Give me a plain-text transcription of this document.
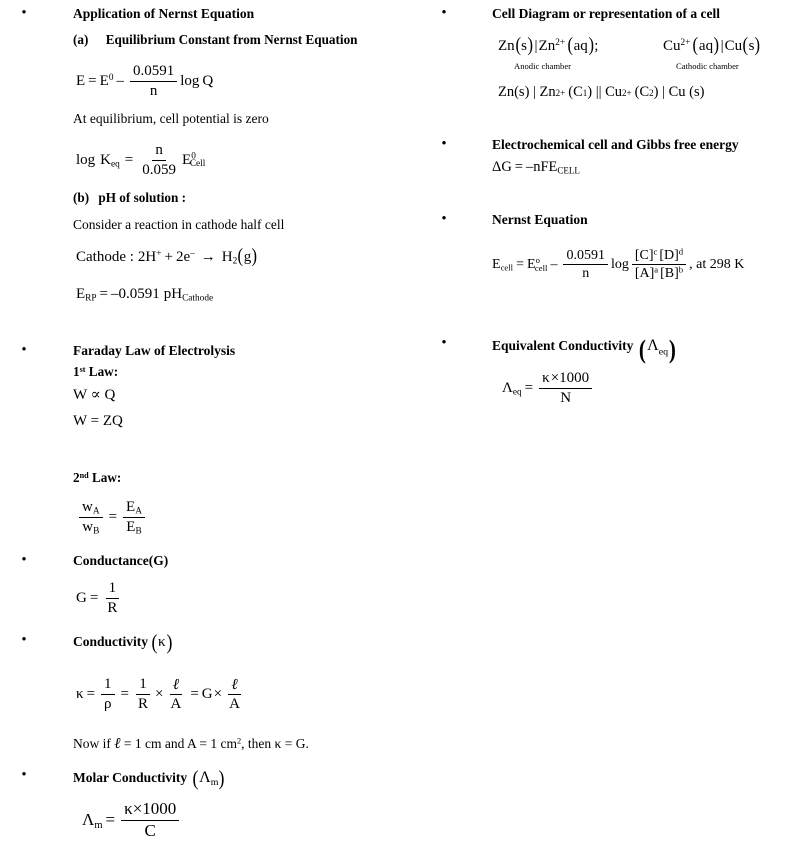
•	Application of Nernst Equation
(a) Equilibrium Constant from Nernst Equation
$E = E^0 - \frac{0.0591}{n}$ log Q
At equilibrium, cell potential is zero
$\log K_{eq} = \frac{n}{0.059} E^0_{Cell}$
(b) pH of solution :
Consider a reaction in cathode half cell
Cathode : 2 H+ + 2 $e^- \to H_2$ ( g )
$E_{RP} = -0.0591$ $pH_{Cathode}$
•	Faraday Law of Electrolysis
1st Law:
W ∝ Q
W = ZQ
2nd Law:
$\frac{w_A}{w_B} = \frac{E_A}{E_B}$
•	Conductance(G)
$G = \frac{1}{R}$
•	Conductivity (κ)
$\kappa = \frac{1}{\rho} = \frac{1}{R} \times \frac{\text{ℓ}}{A} = G \times \frac{\text{ℓ}}{A}$
Now if ℓ = 1 cm and A = 1 $cm^2$, then κ = G.
•	Molar Conductivity $(\Lambda_m)$
$\Lambda_m = \frac{\kappa\times 1000}{C}$
•	Cell Diagram or representation of a cell
Zn ( s ) | $Zn^{2+}$ ( aq ) ;	$Cu^{2+}$ ( aq ) | Cu ( s )
Anodic chamber	Cathodic chamber
Zn(s) | Zn 2+ (C 1 ) || Cu 2+ (C 2 ) | Cu (s)
•	Electrochemical cell and Gibbs free energy
ΔG = –nFE$_{CELL}$
•	Nernst Equation
$E_{cell} = E^o_{cell} - \frac{0.0591}{n}$ $\log \frac{[C]^c [D]^d}{[A]^a [B]^b}$ , at 298 K
•	Equivalent Conductivity $(\Lambda_{eq})$
$\Lambda_{eq} = \frac{\kappa\times 1000}{N}$
